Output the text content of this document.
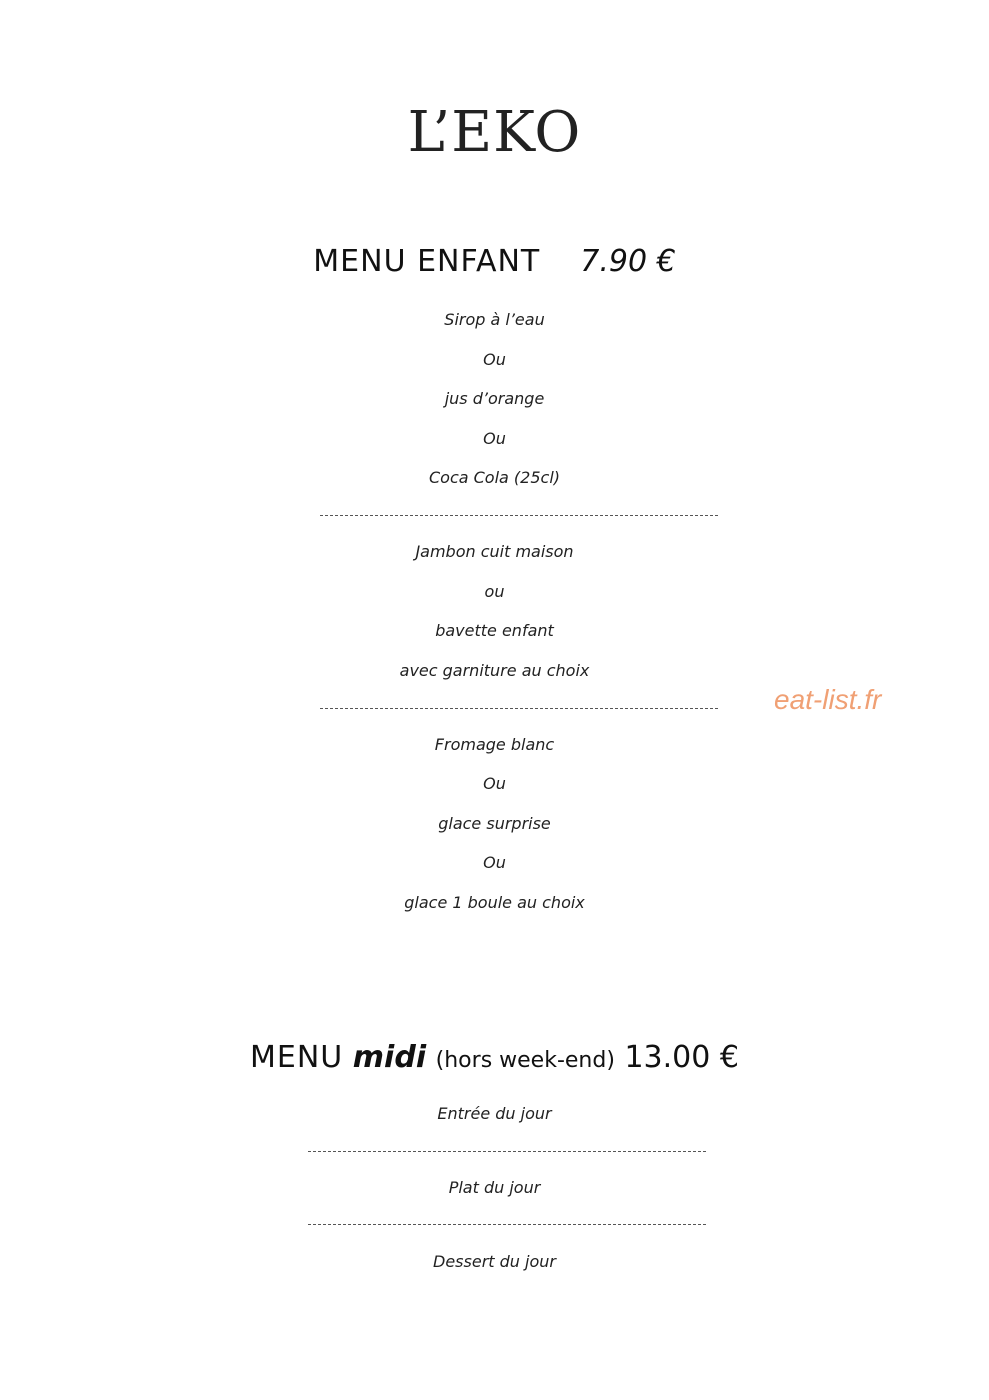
L’EKO
MENU ENFANT 7.90 €
Sirop à l’eau
Ou
jus d’orange
Ou
Coca Cola (25cl)
Jambon cuit maison
ou
bavette enfant
avec garniture au choix
Fromage blanc
Ou
glace surprise
Ou
glace 1 boule au choix
MENU midi (hors week-end) 13.00 €
Entrée du jour
Plat du jour
Dessert du jour
eat-list.fr
